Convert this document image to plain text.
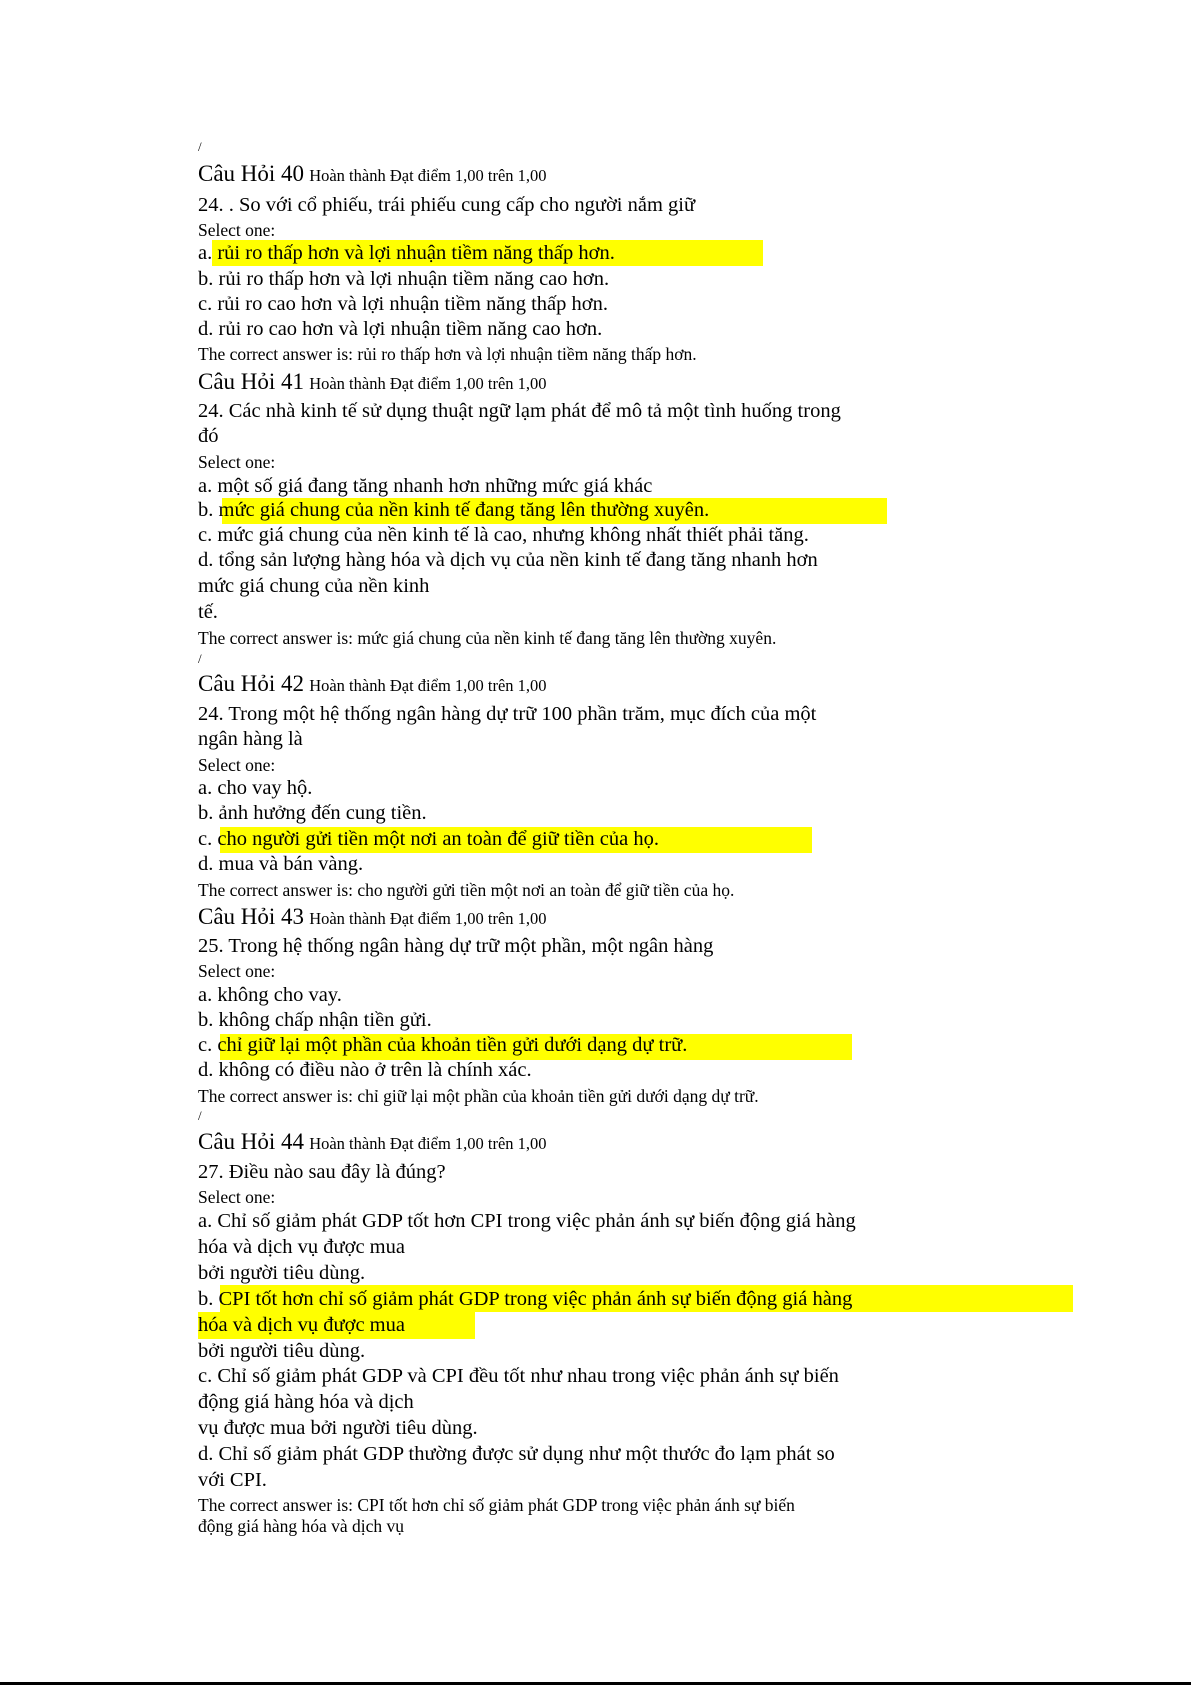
/
Câu Hỏi 40 Hoàn thành Đạt điểm 1,00 trên 1,00
24. . So với cổ phiếu, trái phiếu cung cấp cho người nắm giữ
Select one:
a. rủi ro thấp hơn và lợi nhuận tiềm năng thấp hơn.
b. rủi ro thấp hơn và lợi nhuận tiềm năng cao hơn.
c. rủi ro cao hơn và lợi nhuận tiềm năng thấp hơn.
d. rủi ro cao hơn và lợi nhuận tiềm năng cao hơn.
The correct answer is: rủi ro thấp hơn và lợi nhuận tiềm năng thấp hơn.
Câu Hỏi 41 Hoàn thành Đạt điểm 1,00 trên 1,00
24. Các nhà kinh tế sử dụng thuật ngữ lạm phát để mô tả một tình huống trong
đó
Select one:
a. một số giá đang tăng nhanh hơn những mức giá khác
b. mức giá chung của nền kinh tế đang tăng lên thường xuyên.
c. mức giá chung của nền kinh tế là cao, nhưng không nhất thiết phải tăng.
d. tổng sản lượng hàng hóa và dịch vụ của nền kinh tế đang tăng nhanh hơn
mức giá chung của nền kinh
tế.
The correct answer is: mức giá chung của nền kinh tế đang tăng lên thường xuyên.
/
Câu Hỏi 42 Hoàn thành Đạt điểm 1,00 trên 1,00
24. Trong một hệ thống ngân hàng dự trữ 100 phần trăm, mục đích của một
ngân hàng là
Select one:
a. cho vay hộ.
b. ảnh hưởng đến cung tiền.
c. cho người gửi tiền một nơi an toàn để giữ tiền của họ.
d. mua và bán vàng.
The correct answer is: cho người gửi tiền một nơi an toàn để giữ tiền của họ.
Câu Hỏi 43 Hoàn thành Đạt điểm 1,00 trên 1,00
25. Trong hệ thống ngân hàng dự trữ một phần, một ngân hàng
Select one:
a. không cho vay.
b. không chấp nhận tiền gửi.
c. chỉ giữ lại một phần của khoản tiền gửi dưới dạng dự trữ.
d. không có điều nào ở trên là chính xác.
The correct answer is: chỉ giữ lại một phần của khoản tiền gửi dưới dạng dự trữ.
/
Câu Hỏi 44 Hoàn thành Đạt điểm 1,00 trên 1,00
27. Điều nào sau đây là đúng?
Select one:
a. Chỉ số giảm phát GDP tốt hơn CPI trong việc phản ánh sự biến động giá hàng
hóa và dịch vụ được mua
bởi người tiêu dùng.
b. CPI tốt hơn chỉ số giảm phát GDP trong việc phản ánh sự biến động giá hàng
hóa và dịch vụ được mua
bởi người tiêu dùng.
c. Chỉ số giảm phát GDP và CPI đều tốt như nhau trong việc phản ánh sự biến
động giá hàng hóa và dịch
vụ được mua bởi người tiêu dùng.
d. Chỉ số giảm phát GDP thường được sử dụng như một thước đo lạm phát so
với CPI.
The correct answer is: CPI tốt hơn chỉ số giảm phát GDP trong việc phản ánh sự biến
động giá hàng hóa và dịch vụ
